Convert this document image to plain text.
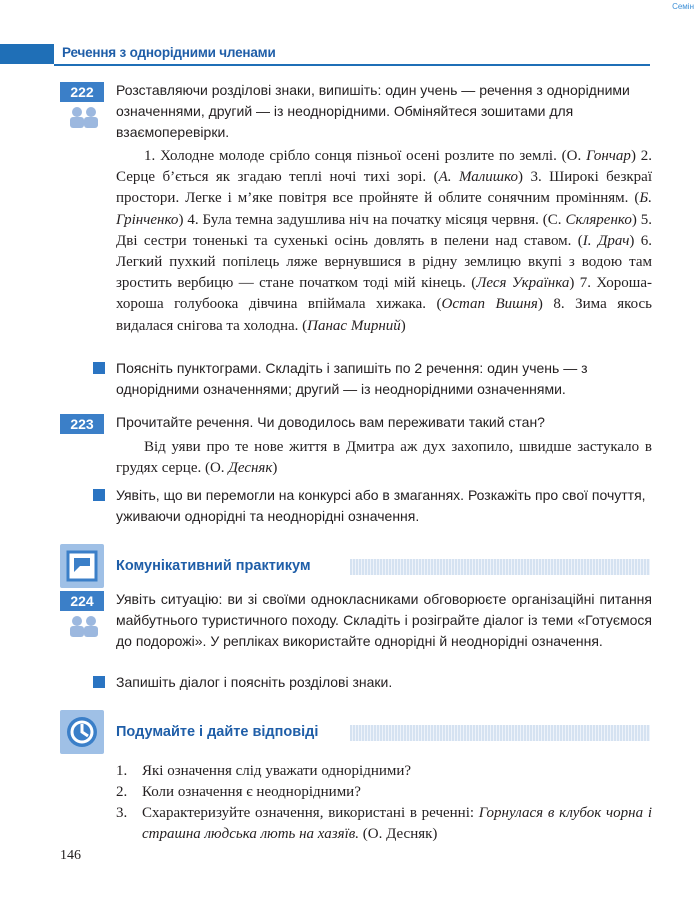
Семін
Речення з однорідними членами
222	Розставляючи розділові знаки, випишіть: один учень — речення з однорідними означеннями, другий — із неоднорідними. Обміняйтеся зошитами для взаємоперевірки.
1. Холодне молоде срібло сонця пізньої осені розлите по землі. (О. Гончар) 2. Серце б’ється як згадаю теплі ночі тихі зорі. (А. Малишко) 3. Широкі безкраї простори. Легке і м’яке повітря все пройняте й облите сонячним промінням. (Б. Грінченко) 4. Була темна задушлива ніч на початку місяця червня. (С. Скляренко) 5. Дві сестри тоненькі та сухенькі осінь довлять в пелени над ставом. (І. Драч) 6. Легкий пухкий попілець ляже вернувшися в рідну землицю вкупі з водою там зростить вербицю — стане початком тоді мій кінець. (Леся Українка) 7. Хороша-хороша голубоока дівчина впіймала хижака. (Остап Вишня) 8. Зима якось видалася снігова та холодна. (Панас Мирний)
Поясніть пунктограми. Складіть і запишіть по 2 речення: один учень — з однорідними означеннями; другий — із неоднорідними означеннями.
223	Прочитайте речення. Чи доводилось вам переживати такий стан?
Від уяви про те нове життя в Дмитра аж дух захопило, швидше застукало в грудях серце. (О. Десняк)
Уявіть, що ви перемогли на конкурсі або в змаганнях. Розкажіть про свої почуття, уживаючи однорідні та неоднорідні означення.
Комунікативний практикум
224	Уявіть ситуацію: ви зі своїми однокласниками обговорюєте організаційні питання майбутнього туристичного походу. Складіть і розіграйте діалог із теми «Готуємося до подорожі». У репліках використайте однорідні й неоднорідні означення.
Запишіть діалог і поясніть розділові знаки.
Подумайте і дайте відповіді
1. Які означення слід уважати однорідними?
2. Коли означення є неоднорідними?
3. Схарактеризуйте означення, використані в реченні: Горнулася в клубок чорна і страшна людська лють на хазяїв. (О. Десняк)
146
